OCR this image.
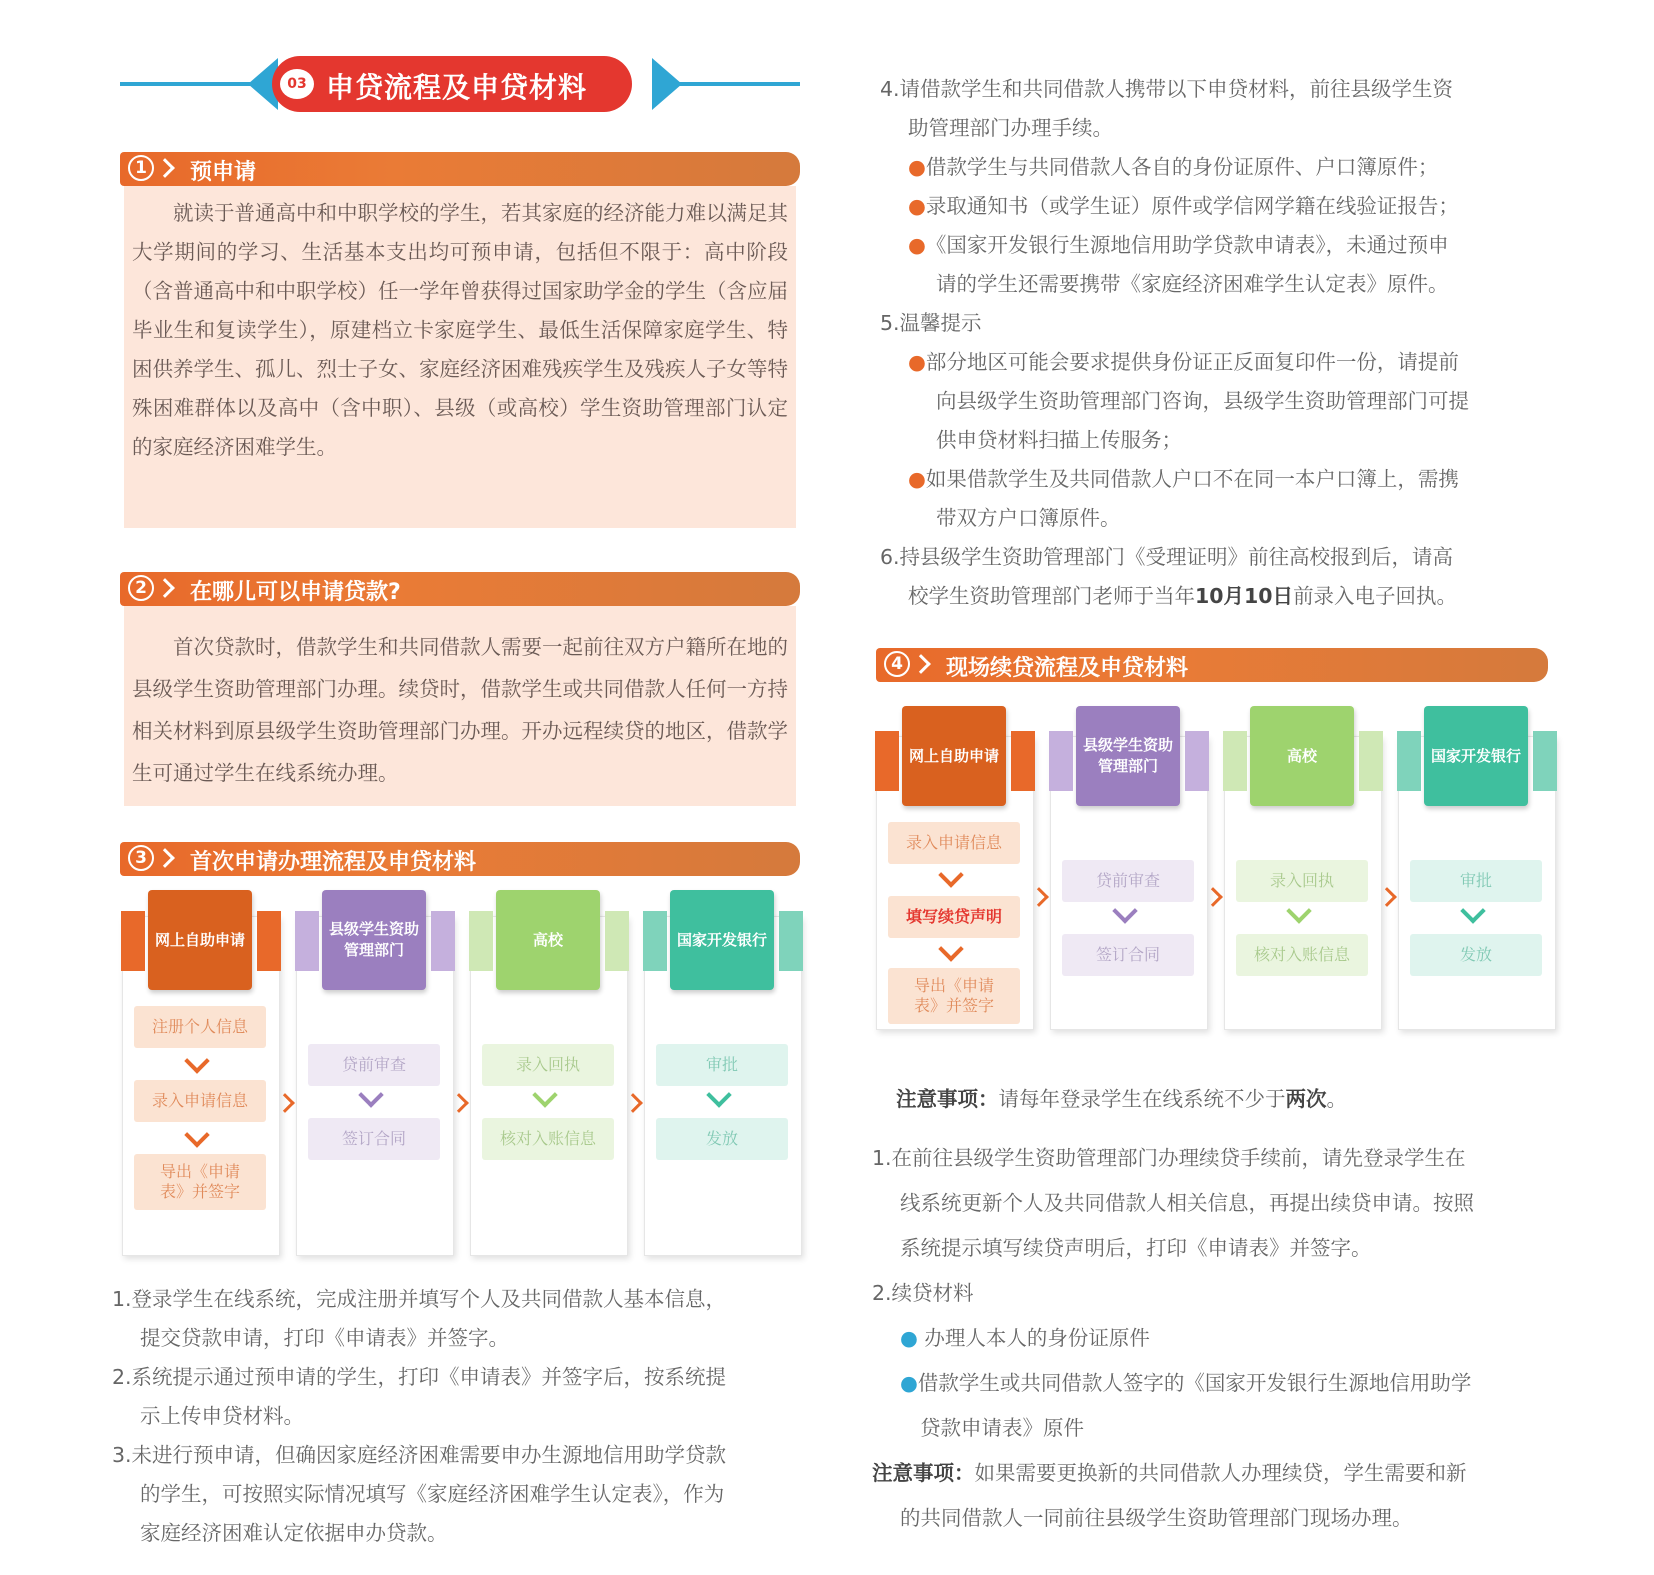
03 申贷流程及申贷材料
1	预申请

就读于普通高中和中职学校的学生，若其家庭的经济能力难以满足其大学期间的学习、生活基本支出均可预申请，包括但不限于：高中阶段（含普通高中和中职学校）任一学年曾获得过国家助学金的学生（含应届毕业生和复读学生），原建档立卡家庭学生、最低生活保障家庭学生、特困供养学生、孤儿、烈士子女、家庭经济困难残疾学生及残疾人子女等特殊困难群体以及高中（含中职）、县级（或高校）学生资助管理部门认定的家庭经济困难学生。

2	在哪儿可以申请贷款?

首次贷款时，借款学生和共同借款人需要一起前往双方户籍所在地的县级学生资助管理部门办理。续贷时，借款学生或共同借款人任何一方持相关材料到原县级学生资助管理部门办理。开办远程续贷的地区，借款学生可通过学生在线系统办理。

3	首次申请办理流程及申贷材料
网上自助申请
注册个人信息
录入申请信息
导出《申请表》并签字
县级学生资助管理部门
贷前审查
签订合同
高校
录入回执
核对入账信息
国家开发银行
审批
发放
1.登录学生在线系统，完成注册并填写个人及共同借款人基本信息，
提交贷款申请，打印《申请表》并签字。
2.系统提示通过预申请的学生，打印《申请表》并签字后，按系统提
示上传申贷材料。
3.未进行预申请，但确因家庭经济困难需要申办生源地信用助学贷款
的学生，可按照实际情况填写《家庭经济困难学生认定表》，作为
家庭经济困难认定依据申办贷款。
4.请借款学生和共同借款人携带以下申贷材料，前往县级学生资
助管理部门办理手续。
●借款学生与共同借款人各自的身份证原件、户口簿原件；
●录取通知书（或学生证）原件或学信网学籍在线验证报告；
●《国家开发银行生源地信用助学贷款申请表》，未通过预申
请的学生还需要携带《家庭经济困难学生认定表》原件。
5.温馨提示
●部分地区可能会要求提供身份证正反面复印件一份，请提前
向县级学生资助管理部门咨询，县级学生资助管理部门可提
供申贷材料扫描上传服务；
●如果借款学生及共同借款人户口不在同一本户口簿上，需携
带双方户口簿原件。
6.持县级学生资助管理部门《受理证明》前往高校报到后，请高
校学生资助管理部门老师于当年10月10日前录入电子回执。
4	现场续贷流程及申贷材料
网上自助申请
录入申请信息
填写续贷声明
导出《申请表》并签字
县级学生资助管理部门
贷前审查
签订合同
高校
录入回执
核对入账信息
国家开发银行
审批
发放
注意事项：请每年登录学生在线系统不少于两次。
1.在前往县级学生资助管理部门办理续贷手续前，请先登录学生在
线系统更新个人及共同借款人相关信息，再提出续贷申请。按照
系统提示填写续贷声明后，打印《申请表》并签字。
2.续贷材料
● 办理人本人的身份证原件
●借款学生或共同借款人签字的《国家开发银行生源地信用助学
贷款申请表》原件
注意事项：如果需要更换新的共同借款人办理续贷，学生需要和新
的共同借款人一同前往县级学生资助管理部门现场办理。
